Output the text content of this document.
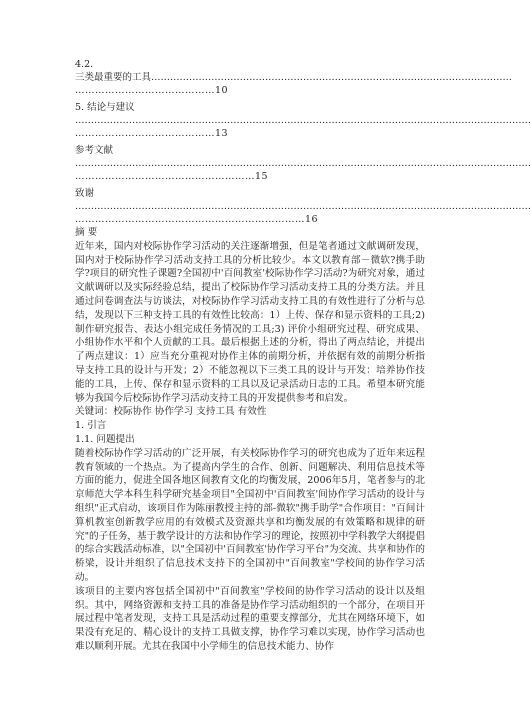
4.2.
三类最重要的工具……………………………………………………………………………………………………
……………………………………10
5. 结论与建议
………………………………………………………………………………………………………………………………
……………………………………13
参考文献
………………………………………………………………………………………………………………………………
………………………………………………15
致谢
………………………………………………………………………………………………………………………………
……………………………………………………………16
摘 要

近年来，国内对校际协作学习活动的关注逐渐增强，但是笔者通过文献调研发现，国内对于校际协作学习活动支持工具的分析比较少。本文以教育部－微软?携手助学?项目的研究性子课题?全国初中'百间教室'校际协作学习活动?为研究对象，通过文献调研以及实际经验总结，提出了校际协作学习活动支持工具的分类方法。并且通过问卷调查法与访谈法，对校际协作学习活动支持工具的有效性进行了分析与总结，发现以下三种支持工具的有效性比较高：1）上传、保存和显示资料的工具;2) 制作研究报告、表达小组完成任务情况的工具;3) 评价小组研究过程、研究成果、小组协作水平和个人贡献的工具。最后根据上述的分析，得出了两点结论，并提出了两点建议：1）应当充分重视对协作主体的前期分析，并依据有效的前期分析指导支持工具的设计与开发；2）不能忽视以下三类工具的设计与开发：培养协作技能的工具，上传、保存和显示资料的工具以及记录活动日志的工具。希望本研究能够为我国今后校际协作学习活动支持工具的开发提供参考和启发。

关键词：校际协作 协作学习 支持工具 有效性
1. 引言
1.1. 问题提出

随着校际协作学习活动的广泛开展，有关校际协作学习的研究也成为了近年来远程教育领域的一个热点。为了提高内学生的合作、创新、问题解决、利用信息技术等方面的能力，促进全国各地区间教育文化的均衡发展，2006年5月，笔者参与的北京师范大学本科生科学研究基金项目"全国初中'百间教室'间协作学习活动的设计与组织"正式启动，该项目作为陈丽教授主持的部-微软"携手助学"合作项目："百间计算机教室创新教学应用的有效模式及资源共享和均衡发展的有效策略和规律的研究"的子任务，基于教学设计的方法和协作学习的理论，按照初中学科教学大纲提倡的综合实践活动标准，以"全国初中'百间教室'协作学习平台"为交流、共享和协作的桥梁，设计并组织了信息技术支持下的全国初中"百间教室"学校间的协作学习活动。

该项目的主要内容包括全国初中"百间教室"学校间的协作学习活动的设计以及组织。其中，网络资源和支持工具的准备是协作学习活动组织的一个部分，在项目开展过程中笔者发现，支持工具是活动过程的重要支撑部分，尤其在网络环境下，如果没有充足的、精心设计的支持工具做支撑，协作学习难以实现，协作学习活动也难以顺利开展。尤其在我国中小学师生的信息技术能力、协作
